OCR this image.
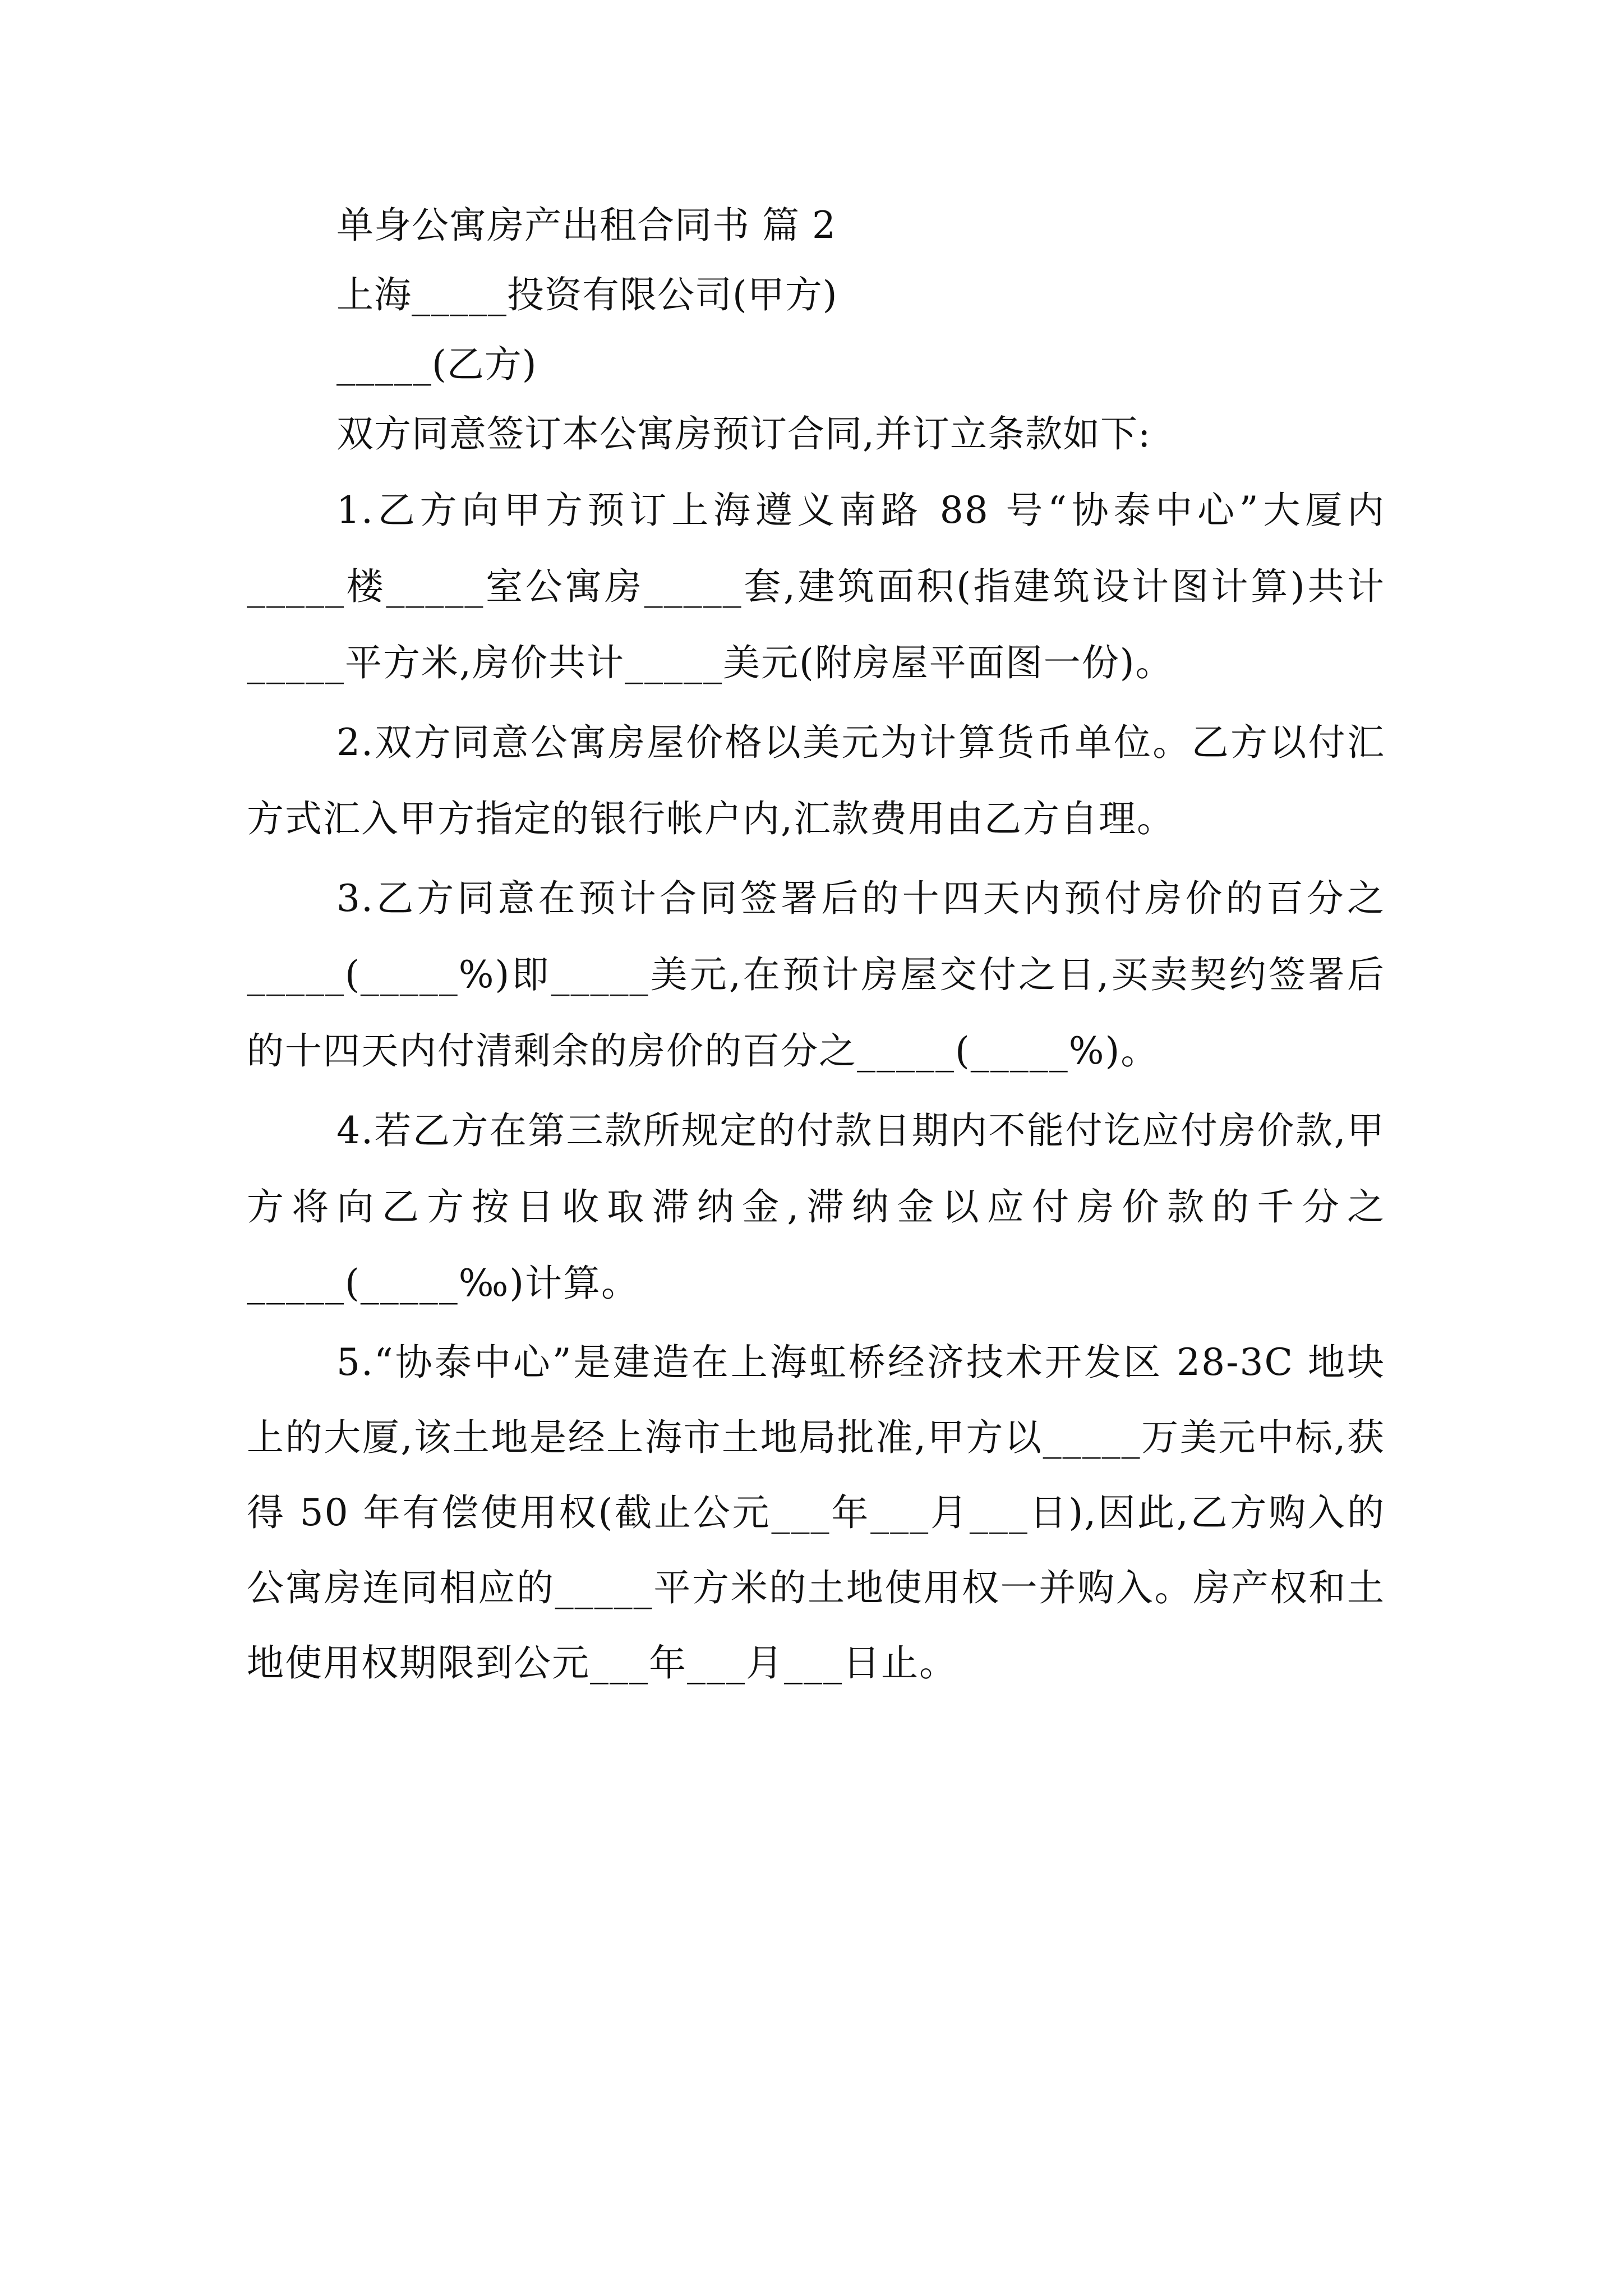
单身公寓房产出租合同书 篇 2
上海_____投资有限公司(甲方)
_____(乙方)
双方同意签订本公寓房预订合同,并订立条款如下:

1.乙方向甲方预订上海遵义南路 88 号“协泰中心”大厦内_____楼_____室公寓房_____套,建筑面积(指建筑设计图计算)共计_____平方米,房价共计_____美元(附房屋平面图一份)。

2.双方同意公寓房屋价格以美元为计算货币单位。乙方以付汇方式汇入甲方指定的银行帐户内,汇款费用由乙方自理。

3.乙方同意在预计合同签署后的十四天内预付房价的百分之_____(_____%)即_____美元,在预计房屋交付之日,买卖契约签署后的十四天内付清剩余的房价的百分之_____(_____%)。

4.若乙方在第三款所规定的付款日期内不能付讫应付房价款,甲方将向乙方按日收取滞纳金,滞纳金以应付房价款的千分之_____(_____‰)计算。

5.“协泰中心”是建造在上海虹桥经济技术开发区 28-3C 地块上的大厦,该土地是经上海市土地局批准,甲方以_____万美元中标,获得 50 年有偿使用权(截止公元___年___月___日),因此,乙方购入的公寓房连同相应的_____平方米的土地使用权一并购入。房产权和土地使用权期限到公元___年___月___日止。
